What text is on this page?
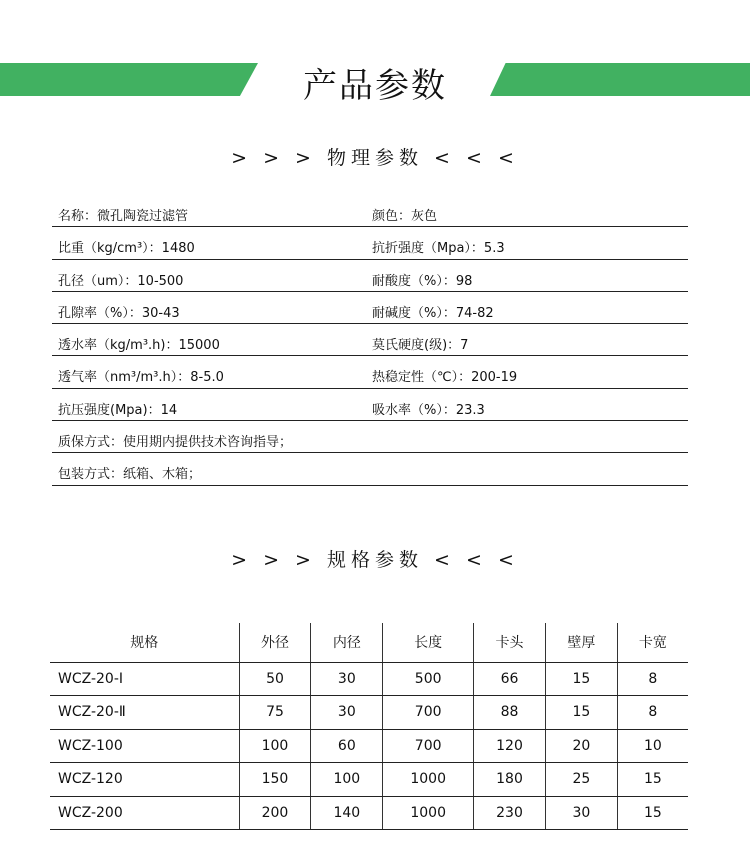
产品参数
> > > 物理参数 < < <
名称：微孔陶瓷过滤管	颜色：灰色
比重（kg/cm³）：1480	抗折强度（Mpa）：5.3
孔径（um）：10-500	耐酸度（%）：98
孔隙率（%）：30-43	耐碱度（%）：74-82
透水率（kg/m³.h)：15000	莫氏硬度(级)：7
透气率（nm³/m³.h）：8-5.0	热稳定性（℃）：200-19
抗压强度(Mpa)：14	吸水率（%）：23.3
质保方式：使用期内提供技术咨询指导；
包装方式：纸箱、木箱；
> > > 规格参数 < < <
规格	外径	内径	长度	卡头	壁厚	卡宽
WCZ-20-Ⅰ	50	30	500	66	15	8
WCZ-20-Ⅱ	75	30	700	88	15	8
WCZ-100	100	60	700	120	20	10
WCZ-120	150	100	1000	180	25	15
WCZ-200	200	140	1000	230	30	15
